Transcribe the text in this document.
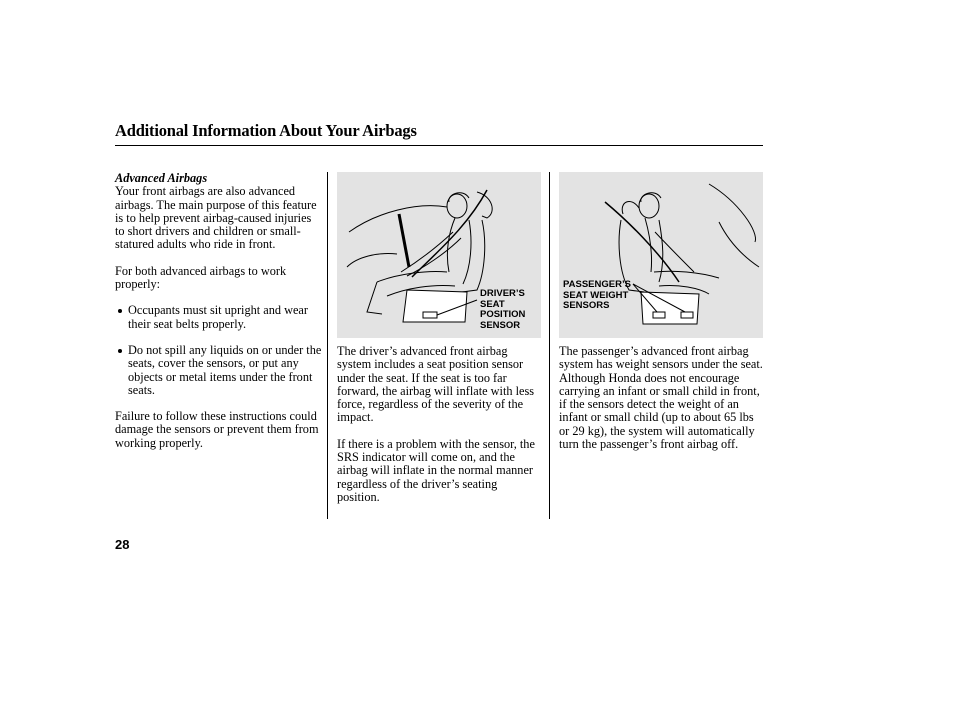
Additional Information About Your Airbags

Advanced Airbags

Your front airbags are also advanced airbags. The main purpose of this feature is to help prevent airbag-caused injuries to short drivers and children or small-statured adults who ride in front.

For both advanced airbags to work properly:

Occupants must sit upright and wear their seat belts properly.
Do not spill any liquids on or under the seats, cover the sensors, or put any objects or metal items under the front seats.

Failure to follow these instructions could damage the sensors or prevent them from working properly.

DRIVER’S
SEAT
POSITION
SENSOR
PASSENGER’S
SEAT WEIGHT
SENSORS

The driver’s advanced front airbag system includes a seat position sensor under the seat. If the seat is too far forward, the airbag will inflate with less force, regardless of the severity of the impact.

If there is a problem with the sensor, the SRS indicator will come on, and the airbag will inflate in the normal manner regardless of the driver’s seating position.

The passenger’s advanced front airbag system has weight sensors under the seat. Although Honda does not encourage carrying an infant or small child in front, if the sensors detect the weight of an infant or small child (up to about 65 lbs or 29 kg), the system will automatically turn the passenger’s front airbag off.

28
